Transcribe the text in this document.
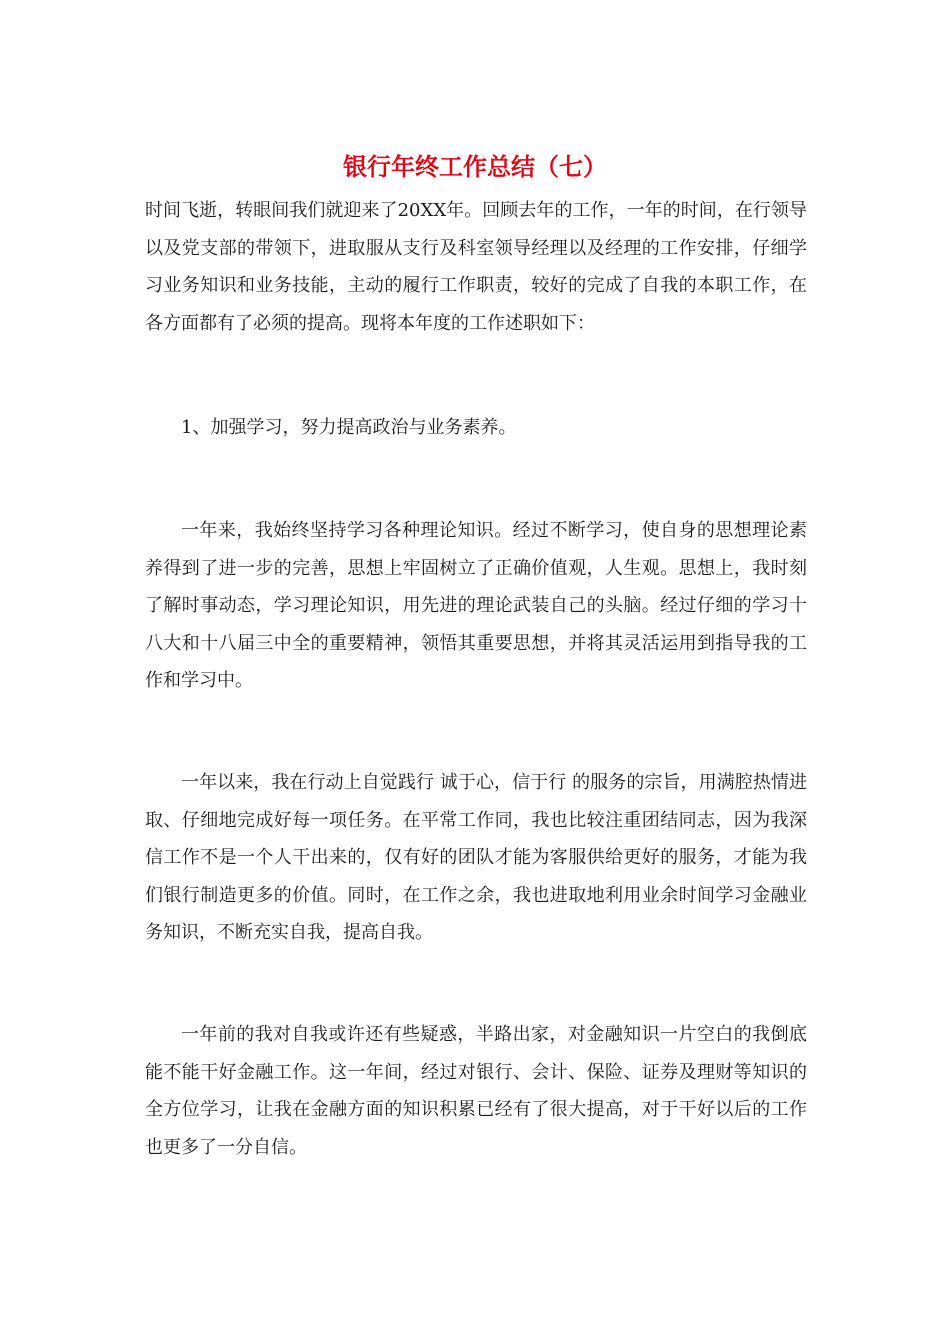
银行年终工作总结（七）

时间飞逝，转眼间我们就迎来了20XX年。回顾去年的工作，一年的时间，在行领导以及党支部的带领下，进取服从支行及科室领导经理以及经理的工作安排，仔细学习业务知识和业务技能，主动的履行工作职责，较好的完成了自我的本职工作，在各方面都有了必须的提高。现将本年度的工作述职如下：

1、加强学习，努力提高政治与业务素养。

一年来，我始终坚持学习各种理论知识。经过不断学习，使自身的思想理论素养得到了进一步的完善，思想上牢固树立了正确价值观，人生观。思想上，我时刻了解时事动态，学习理论知识，用先进的理论武装自己的头脑。经过仔细的学习十八大和十八届三中全的重要精神，领悟其重要思想，并将其灵活运用到指导我的工作和学习中。

一年以来，我在行动上自觉践行 诚于心，信于行 的服务的宗旨，用满腔热情进取、仔细地完成好每一项任务。在平常工作同，我也比较注重团结同志，因为我深信工作不是一个人干出来的，仅有好的团队才能为客服供给更好的服务，才能为我们银行制造更多的价值。同时，在工作之余，我也进取地利用业余时间学习金融业务知识，不断充实自我，提高自我。

一年前的我对自我或许还有些疑惑，半路出家，对金融知识一片空白的我倒底能不能干好金融工作。这一年间，经过对银行、会计、保险、证券及理财等知识的全方位学习，让我在金融方面的知识积累已经有了很大提高，对于干好以后的工作也更多了一分自信。
